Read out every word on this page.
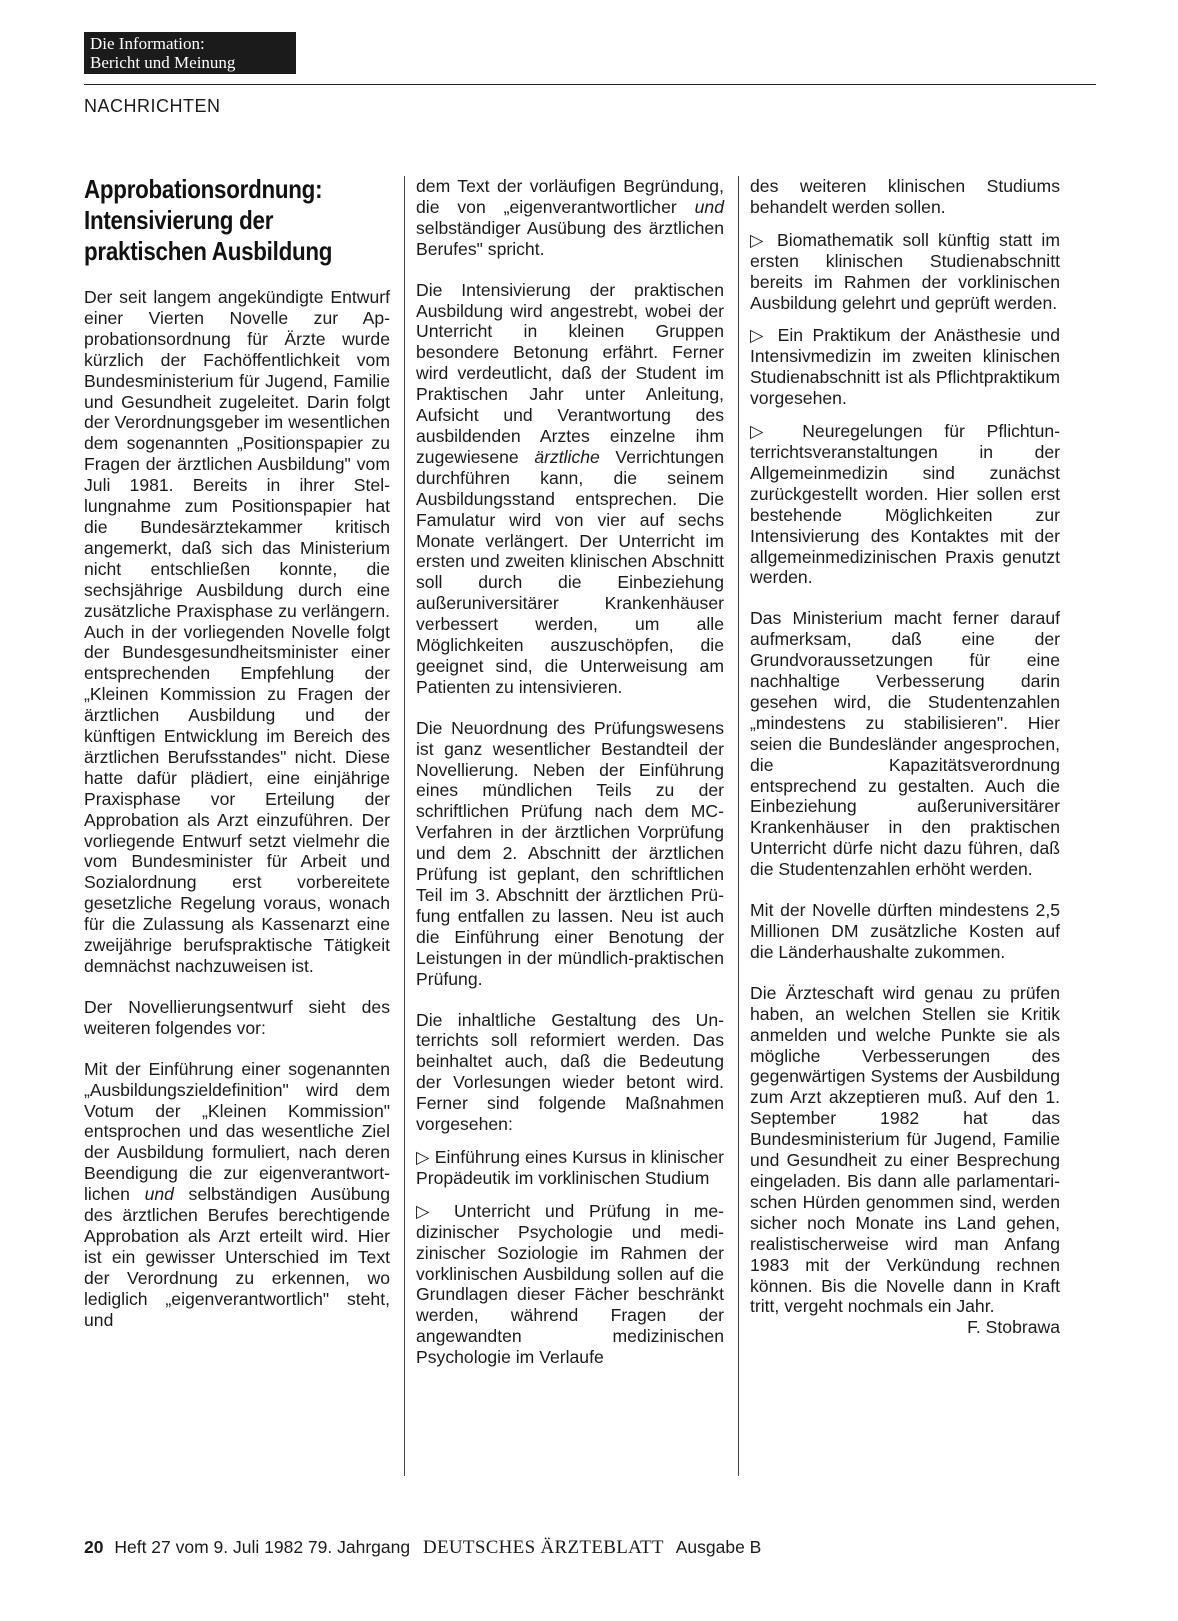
Die Information:
Bericht und Meinung
NACHRICHTEN
Approbationsordnung:
Intensivierung der
praktischen Ausbildung

Der seit langem angekündigte Entwurf einer Vierten Novelle zur Approbationsordnung für Ärzte wurde kürzlich der Fachöffentlichkeit vom Bundesministerium für Jugend, Familie und Gesundheit zugeleitet. Darin folgt der Verordnungsgeber im wesentlichen dem sogenannten „Positionspapier zu Fragen der ärztlichen Ausbildung" vom Juli 1981. Bereits in ihrer Stellungnahme zum Positionspapier hat die Bundesärztekammer kritisch angemerkt, daß sich das Ministerium nicht entschließen konnte, die sechsjährige Ausbildung durch eine zusätzliche Praxisphase zu verlängern. Auch in der vorliegenden Novelle folgt der Bundesgesundheitsminister einer entsprechenden Empfehlung der „Kleinen Kommission zu Fragen der ärztlichen Ausbildung und der künftigen Entwicklung im Bereich des ärztlichen Berufsstandes" nicht. Diese hatte dafür plädiert, eine einjährige Praxisphase vor Erteilung der Approbation als Arzt einzuführen. Der vorliegende Entwurf setzt vielmehr die vom Bundesminister für Arbeit und Sozialordnung erst vorbereitete gesetzliche Regelung voraus, wonach für die Zulassung als Kassenarzt eine zweijährige berufspraktische Tätigkeit demnächst nachzuweisen ist.

Der Novellierungsentwurf sieht des weiteren folgendes vor:

Mit der Einführung einer sogenannten „Ausbildungszieldefinition" wird dem Votum der „Kleinen Kommission" entsprochen und das wesentliche Ziel der Ausbildung formuliert, nach deren Beendigung die zur eigenverantwortlichen und selbständigen Ausübung des ärztlichen Berufes berechtigende Approbation als Arzt erteilt wird. Hier ist ein gewisser Unterschied im Text der Verordnung zu erkennen, wo lediglich „eigenverantwortlich" steht, und

dem Text der vorläufigen Begründung, die von „eigenverantwortlicher und selbständiger Ausübung des ärztlichen Berufes" spricht.

Die Intensivierung der praktischen Ausbildung wird angestrebt, wobei der Unterricht in kleinen Gruppen besondere Betonung erfährt. Ferner wird verdeutlicht, daß der Student im Praktischen Jahr unter Anleitung, Aufsicht und Verantwortung des ausbildenden Arztes einzelne ihm zugewiesene ärztliche Verrichtungen durchführen kann, die seinem Ausbildungsstand entsprechen. Die Famulatur wird von vier auf sechs Monate verlängert. Der Unterricht im ersten und zweiten klinischen Abschnitt soll durch die Einbeziehung außeruniversitärer Krankenhäuser verbessert werden, um alle Möglichkeiten auszuschöpfen, die geeignet sind, die Unterweisung am Patienten zu intensivieren.

Die Neuordnung des Prüfungswesens ist ganz wesentlicher Bestandteil der Novellierung. Neben der Einführung eines mündlichen Teils zu der schriftlichen Prüfung nach dem MC-Verfahren in der ärztlichen Vorprüfung und dem 2. Abschnitt der ärztlichen Prüfung ist geplant, den schriftlichen Teil im 3. Abschnitt der ärztlichen Prüfung entfallen zu lassen. Neu ist auch die Einführung einer Benotung der Leistungen in der mündlich-praktischen Prüfung.

Die inhaltliche Gestaltung des Unterrichts soll reformiert werden. Das beinhaltet auch, daß die Bedeutung der Vorlesungen wieder betont wird. Ferner sind folgende Maßnahmen vorgesehen:

▷ Einführung eines Kursus in klinischer Propädeutik im vorklinischen Studium

▷ Unterricht und Prüfung in medizinischer Psychologie und medizinischer Soziologie im Rahmen der vorklinischen Ausbildung sollen auf die Grundlagen dieser Fächer beschränkt werden, während Fragen der angewandten medizinischen Psychologie im Verlaufe

des weiteren klinischen Studiums behandelt werden sollen.

▷ Biomathematik soll künftig statt im ersten klinischen Studienabschnitt bereits im Rahmen der vorklinischen Ausbildung gelehrt und geprüft werden.

▷ Ein Praktikum der Anästhesie und Intensivmedizin im zweiten klinischen Studienabschnitt ist als Pflichtpraktikum vorgesehen.

▷ Neuregelungen für Pflichtunterrichtsveranstaltungen in der Allgemeinmedizin sind zunächst zurückgestellt worden. Hier sollen erst bestehende Möglichkeiten zur Intensivierung des Kontaktes mit der allgemeinmedizinischen Praxis genutzt werden.

Das Ministerium macht ferner darauf aufmerksam, daß eine der Grundvoraussetzungen für eine nachhaltige Verbesserung darin gesehen wird, die Studentenzahlen „mindestens zu stabilisieren". Hier seien die Bundesländer angesprochen, die Kapazitätsverordnung entsprechend zu gestalten. Auch die Einbeziehung außeruniversitärer Krankenhäuser in den praktischen Unterricht dürfe nicht dazu führen, daß die Studentenzahlen erhöht werden.

Mit der Novelle dürften mindestens 2,5 Millionen DM zusätzliche Kosten auf die Länderhaushalte zukommen.

Die Ärzteschaft wird genau zu prüfen haben, an welchen Stellen sie Kritik anmelden und welche Punkte sie als mögliche Verbesserungen des gegenwärtigen Systems der Ausbildung zum Arzt akzeptieren muß. Auf den 1. September 1982 hat das Bundesministerium für Jugend, Familie und Gesundheit zu einer Besprechung eingeladen. Bis dann alle parlamentarischen Hürden genommen sind, werden sicher noch Monate ins Land gehen, realistischerweise wird man Anfang 1983 mit der Verkündung rechnen können. Bis die Novelle dann in Kraft tritt, vergeht nochmals ein Jahr.
F. Stobrawa

20 Heft 27 vom 9. Juli 1982 79. Jahrgang DEUTSCHES ÄRZTEBLATT Ausgabe B
